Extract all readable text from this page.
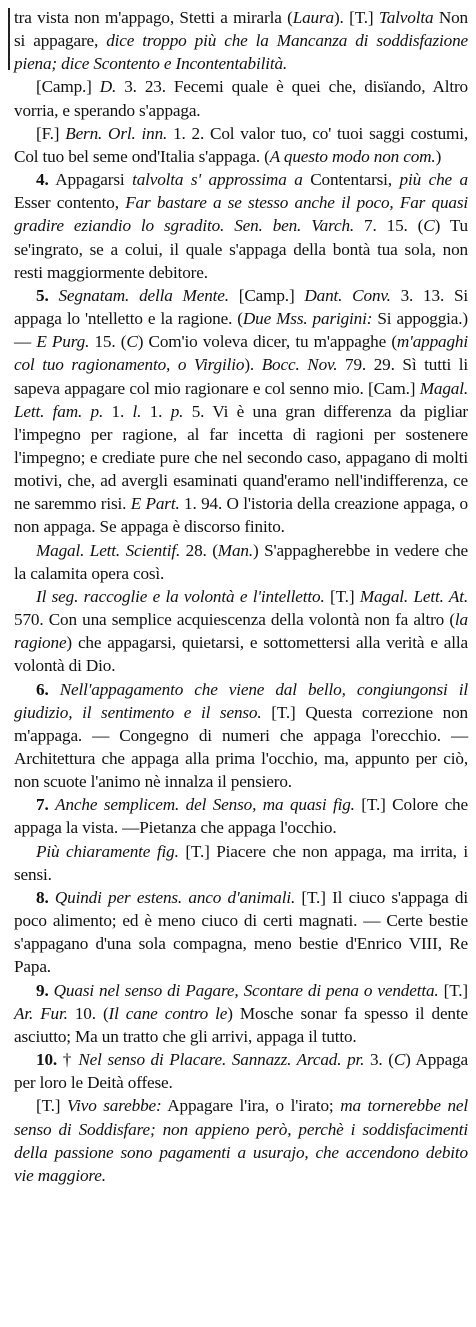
tra vista non m'appago, Stetti a mirarla (Laura). [T.] Talvolta Non si appagare, dice troppo più che la Mancanza di soddisfazione piena; dice Scontento e Incontentabilità.

[Camp.] D. 3. 23. Fecemi quale è quei che, disïando, Altro vorria, e sperando s'appaga.

[F.] Bern. Orl. inn. 1. 2. Col valor tuo, co' tuoi saggi costumi, Col tuo bel seme ond'Italia s'appaga. (A questo modo non com.)

4. Appagarsi talvolta s' approssima a Contentarsi, più che a Esser contento, Far bastare a se stesso anche il poco, Far quasi gradire eziandio lo sgradito. Sen. ben. Varch. 7. 15. (C) Tu se'ingrato, se a colui, il quale s'appaga della bontà tua sola, non resti maggiormente debitore.

5. Segnatam. della Mente. [Camp.] Dant. Conv. 3. 13. Si appaga lo 'ntelletto e la ragione. (Due Mss. parigini: Si appoggia.) — E Purg. 15. (C) Com'io voleva dicer, tu m'appaghe (m'appaghi col tuo ragionamento, o Virgilio). Bocc. Nov. 79. 29. Sì tutti li sapeva appagare col mio ragionare e col senno mio. [Cam.] Magal. Lett. fam. p. 1. l. 1. p. 5. Vi è una gran differenza da pigliar l'impegno per ragione, al far incetta di ragioni per sostenere l'impegno; e crediate pure che nel secondo caso, appagano di molti motivi, che, ad avergli esaminati quand'eramo nell'indifferenza, ce ne saremmo risi. E Part. 1. 94. O l'istoria della creazione appaga, o non appaga. Se appaga è discorso finito.

Magal. Lett. Scientif. 28. (Man.) S'appagherebbe in vedere che la calamita opera così.

Il seg. raccoglie e la volontà e l'intelletto. [T.] Magal. Lett. At. 570. Con una semplice acquiescenza della volontà non fa altro (la ragione) che appagarsi, quietarsi, e sottomettersi alla verità e alla volontà di Dio.

6. Nell'appagamento che viene dal bello, congiungonsi il giudizio, il sentimento e il senso. [T.] Questa correzione non m'appaga. — Congegno di numeri che appaga l'orecchio. — Architettura che appaga alla prima l'occhio, ma, appunto per ciò, non scuote l'animo nè innalza il pensiero.

7. Anche semplicem. del Senso, ma quasi fig. [T.] Colore che appaga la vista. —Pietanza che appaga l'occhio.

Più chiaramente fig. [T.] Piacere che non appaga, ma irrita, i sensi.

8. Quindi per estens. anco d'animali. [T.] Il ciuco s'appaga di poco alimento; ed è meno ciuco di certi magnati. — Certe bestie s'appagano d'una sola compagna, meno bestie d'Enrico VIII, Re Papa.

9. Quasi nel senso di Pagare, Scontare di pena o vendetta. [T.] Ar. Fur. 10. (Il cane contro le) Mosche sonar fa spesso il dente asciutto; Ma un tratto che gli arrivi, appaga il tutto.

10. † Nel senso di Placare. Sannazz. Arcad. pr. 3. (C) Appaga per loro le Deità offese.

[T.] Vivo sarebbe: Appagare l'ira, o l'irato; ma tornerebbe nel senso di Soddisfare; non appieno però, perchè i soddisfacimenti della passione sono pagamenti a usurajo, che accendono debito vie maggiore.
